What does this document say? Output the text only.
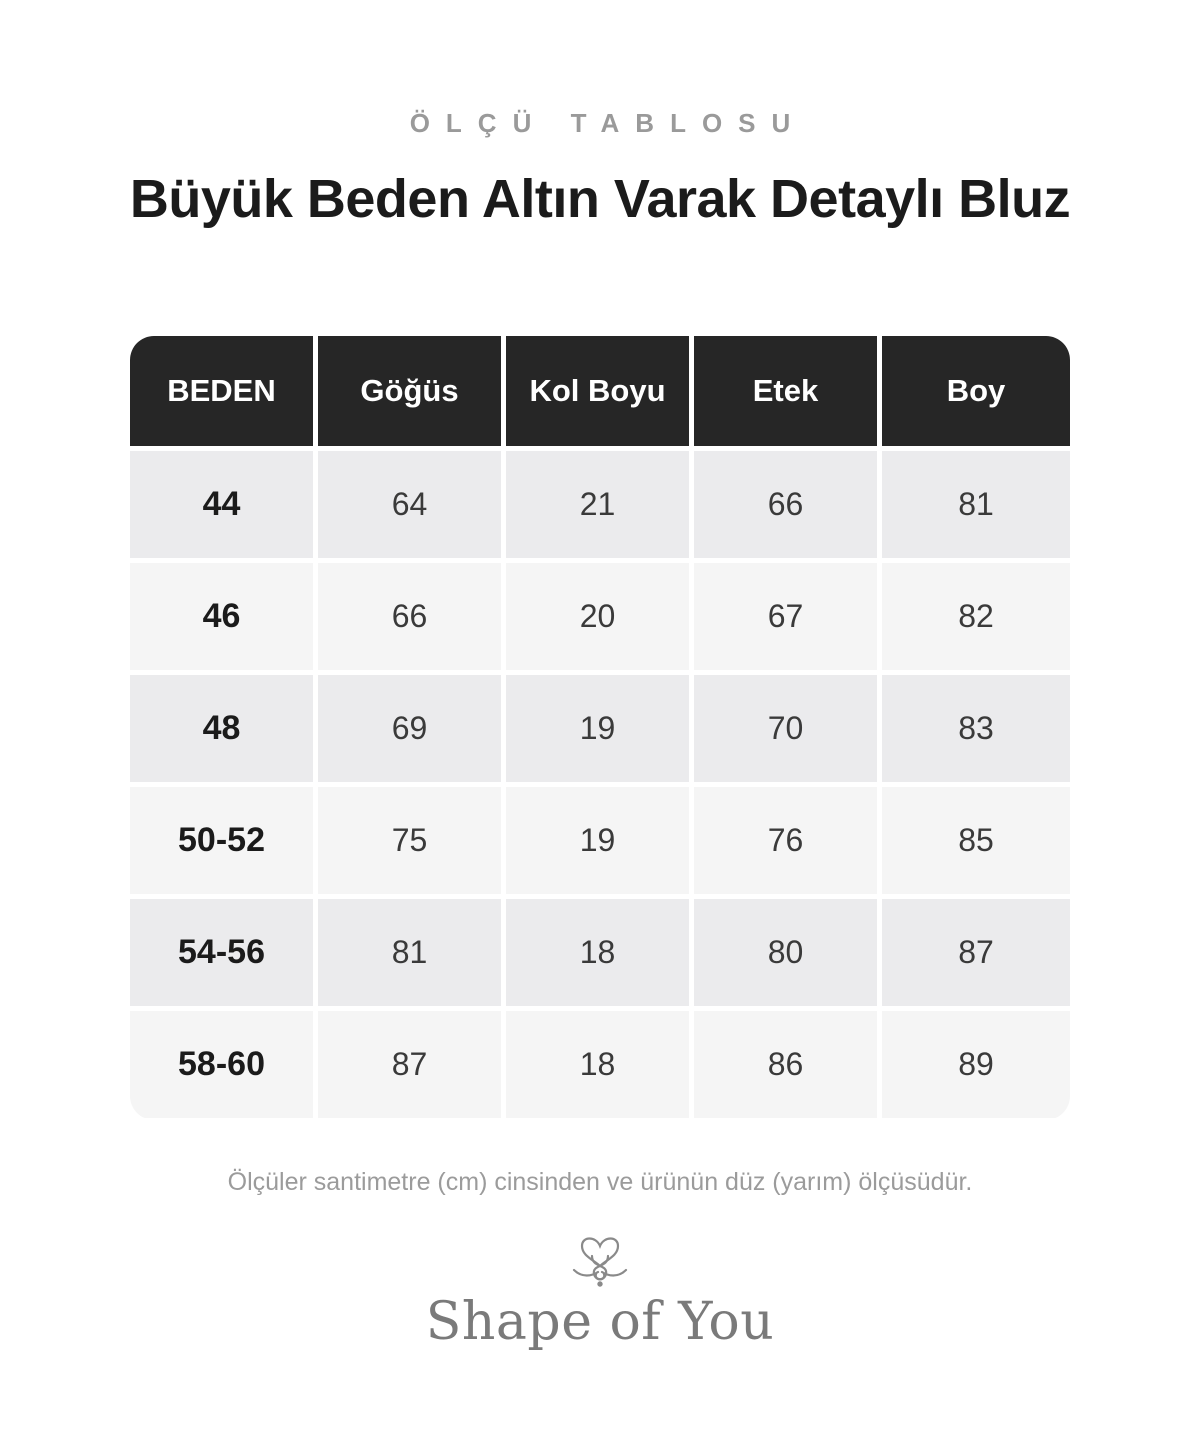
ÖLÇÜ TABLOSU
Büyük Beden Altın Varak Detaylı Bluz
BEDEN	Göğüs	Kol Boyu	Etek	Boy
44	64	21	66	81
46	66	20	67	82
48	69	19	70	83
50-52	75	19	76	85
54-56	81	18	80	87
58-60	87	18	86	89
Ölçüler santimetre (cm) cinsinden ve ürünün düz (yarım) ölçüsüdür.
Shape of You
